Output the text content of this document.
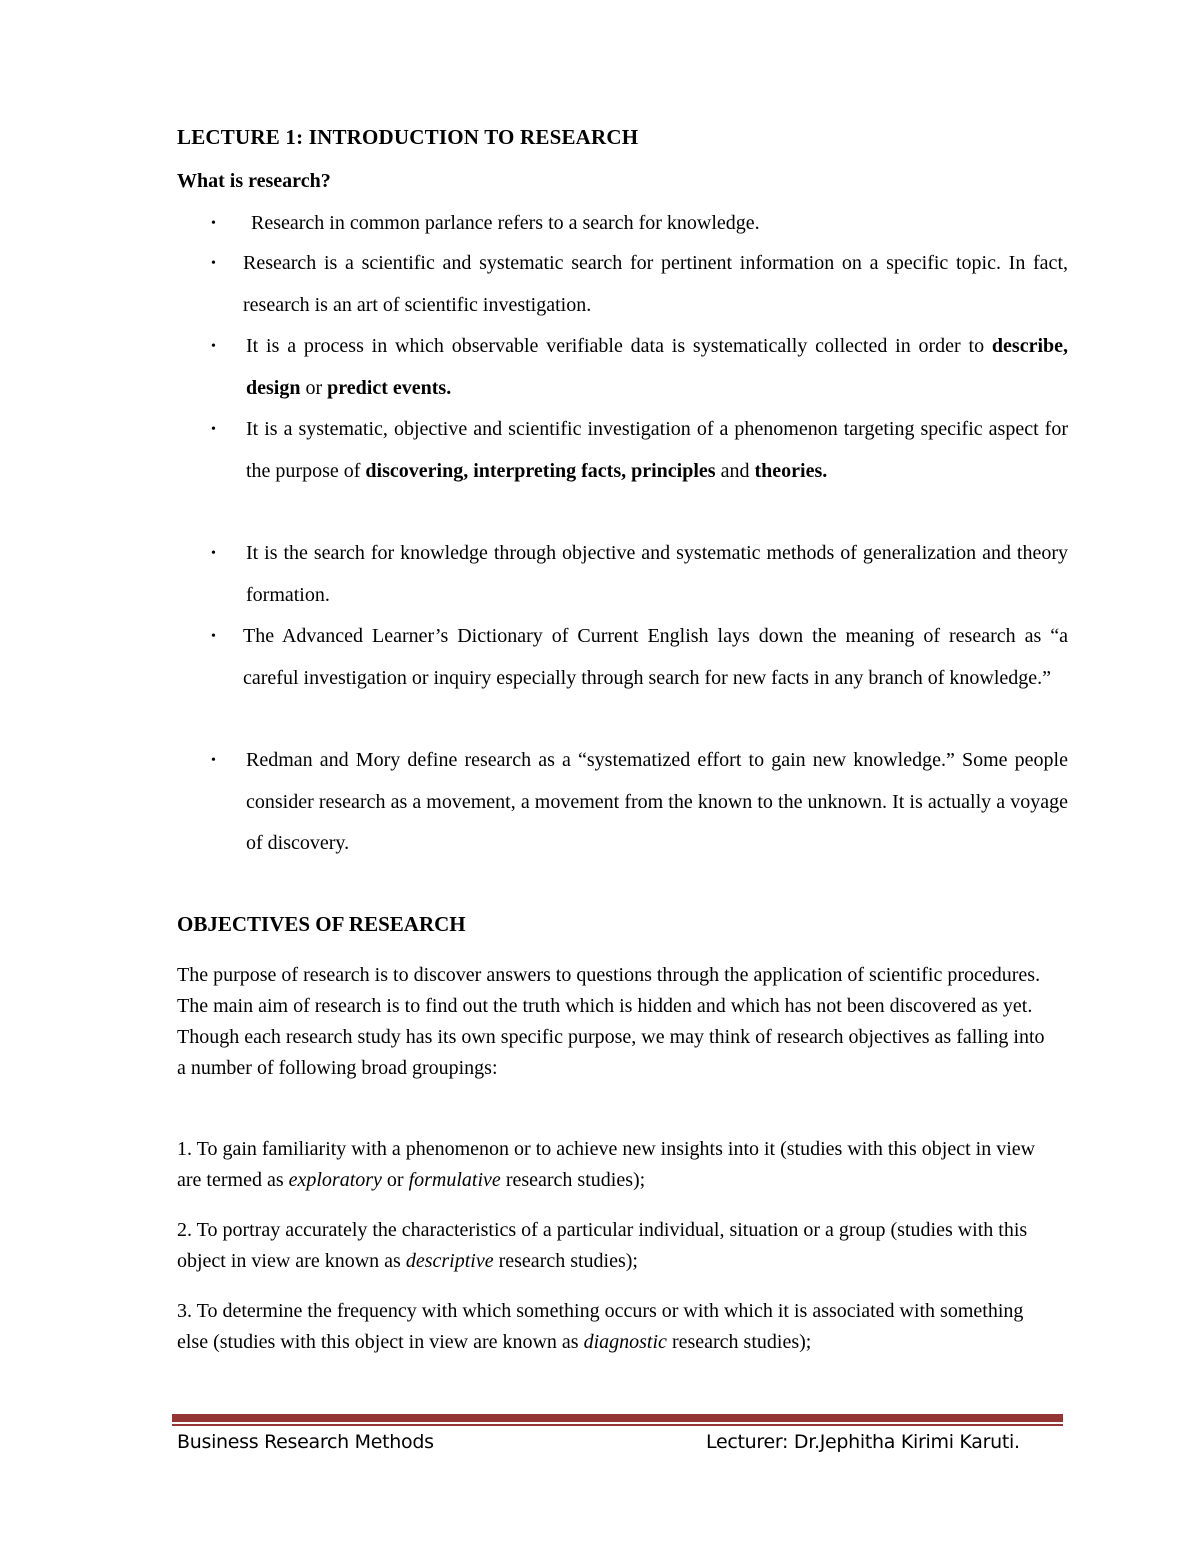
LECTURE 1: INTRODUCTION TO RESEARCH
What is research?
• Research in common parlance refers to a search for knowledge.
• Research is a scientific and systematic search for pertinent information on a specific topic. In fact, research is an art of scientific investigation.
• It is a process in which observable verifiable data is systematically collected in order to describe, design or predict events.
• It is a systematic, objective and scientific investigation of a phenomenon targeting specific aspect for the purpose of discovering, interpreting facts, principles and theories.
• It is the search for knowledge through objective and systematic methods of generalization and theory formation.
• The Advanced Learner’s Dictionary of Current English lays down the meaning of research as “a careful investigation or inquiry especially through search for new facts in any branch of knowledge.”
• Redman and Mory define research as a “systematized effort to gain new knowledge.” Some people consider research as a movement, a movement from the known to the unknown. It is actually a voyage of discovery.
OBJECTIVES OF RESEARCH
The purpose of research is to discover answers to questions through the application of scientific procedures. The main aim of research is to find out the truth which is hidden and which has not been discovered as yet. Though each research study has its own specific purpose, we may think of research objectives as falling into a number of following broad groupings:
1. To gain familiarity with a phenomenon or to achieve new insights into it (studies with this object in view are termed as exploratory or formulative research studies);
2. To portray accurately the characteristics of a particular individual, situation or a group (studies with this object in view are known as descriptive research studies);
3. To determine the frequency with which something occurs or with which it is associated with something else (studies with this object in view are known as diagnostic research studies);
Business Research Methods	Lecturer: Dr.Jephitha Kirimi Karuti.
